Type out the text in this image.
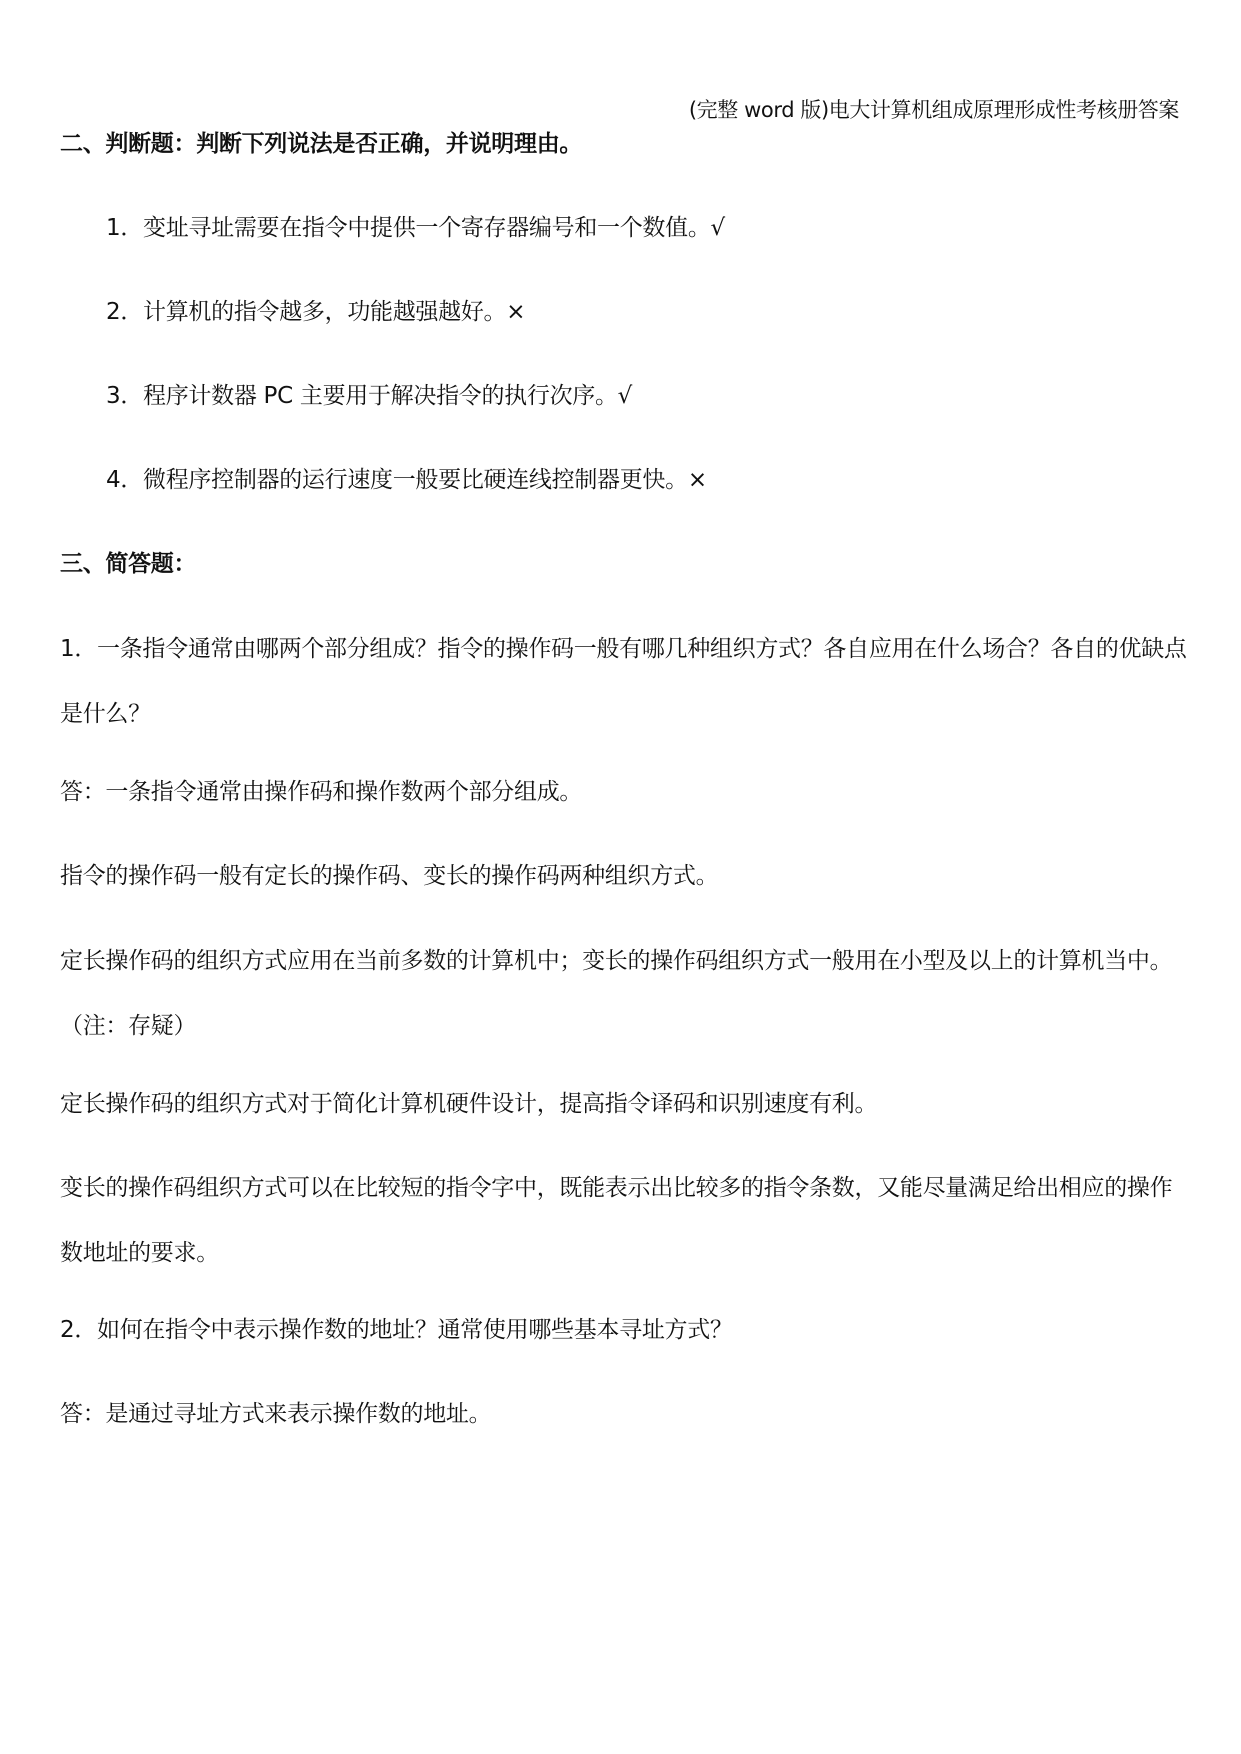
(完整 word 版)电大计算机组成原理形成性考核册答案
二、判断题：判断下列说法是否正确，并说明理由。
1．变址寻址需要在指令中提供一个寄存器编号和一个数值。√
2．计算机的指令越多，功能越强越好。×
3．程序计数器 PC 主要用于解决指令的执行次序。√
4．微程序控制器的运行速度一般要比硬连线控制器更快。×
三、简答题：
1．一条指令通常由哪两个部分组成？指令的操作码一般有哪几种组织方式？各自应用在什么场合？各自的优缺点是什么？
答：一条指令通常由操作码和操作数两个部分组成。
指令的操作码一般有定长的操作码、变长的操作码两种组织方式。
定长操作码的组织方式应用在当前多数的计算机中；变长的操作码组织方式一般用在小型及以上的计算机当中。（注：存疑）
定长操作码的组织方式对于简化计算机硬件设计，提高指令译码和识别速度有利。
变长的操作码组织方式可以在比较短的指令字中，既能表示出比较多的指令条数，又能尽量满足给出相应的操作数地址的要求。
2．如何在指令中表示操作数的地址？通常使用哪些基本寻址方式？
答：是通过寻址方式来表示操作数的地址。
